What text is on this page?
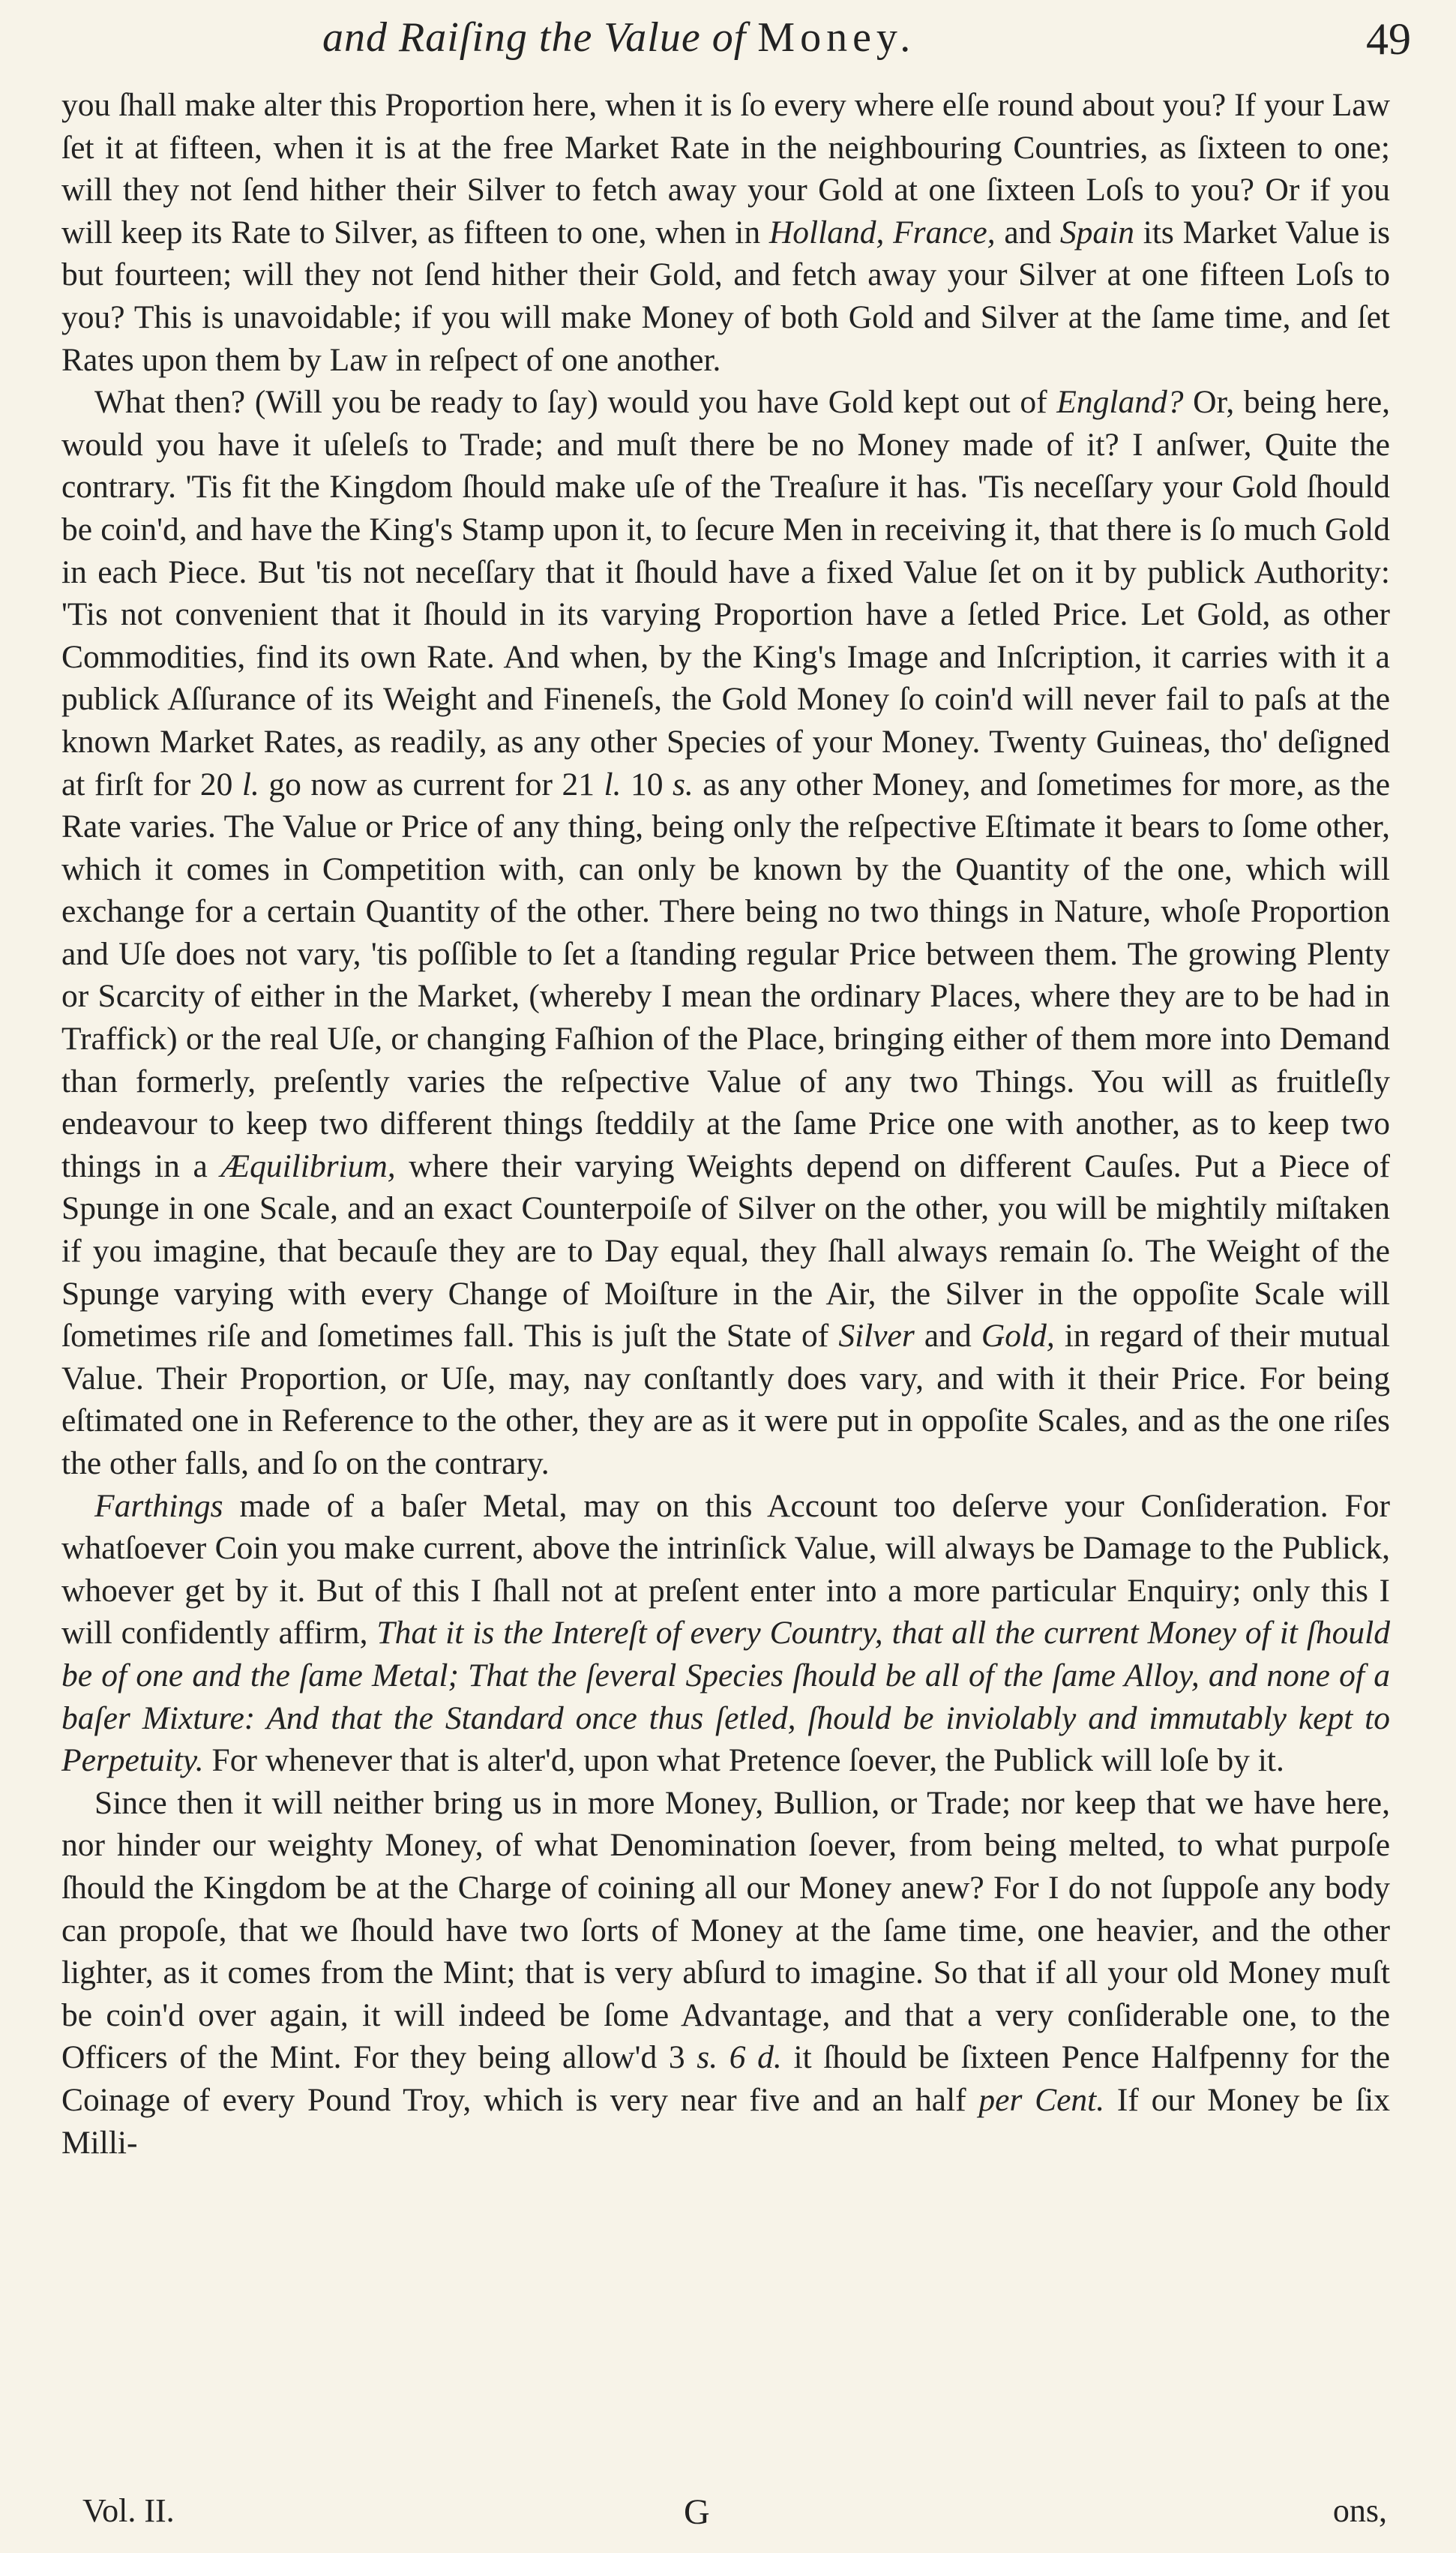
and Raiſing the Value of Money.	49

you ſhall make alter this Proportion here, when it is ſo every where elſe round about you? If your Law ſet it at fifteen, when it is at the free Market Rate in the neighbouring Countries, as ſixteen to one; will they not ſend hither their Silver to fetch away your Gold at one ſixteen Loſs to you? Or if you will keep its Rate to Silver, as fifteen to one, when in Holland, France, and Spain its Market Value is but fourteen; will they not ſend hither their Gold, and fetch away your Silver at one fifteen Loſs to you? This is unavoidable; if you will make Money of both Gold and Silver at the ſame time, and ſet Rates upon them by Law in reſpect of one another.

What then? (Will you be ready to ſay) would you have Gold kept out of England? Or, being here, would you have it uſeleſs to Trade; and muſt there be no Money made of it? I anſwer, Quite the contrary. 'Tis fit the Kingdom ſhould make uſe of the Treaſure it has. 'Tis neceſſary your Gold ſhould be coin'd, and have the King's Stamp upon it, to ſecure Men in receiving it, that there is ſo much Gold in each Piece. But 'tis not neceſſary that it ſhould have a fixed Value ſet on it by publick Authority: 'Tis not convenient that it ſhould in its varying Proportion have a ſetled Price. Let Gold, as other Commodities, find its own Rate. And when, by the King's Image and Inſcription, it carries with it a publick Aſſurance of its Weight and Fineneſs, the Gold Money ſo coin'd will never fail to paſs at the known Market Rates, as readily, as any other Species of your Money. Twenty Guineas, tho' deſigned at firſt for 20 l. go now as current for 21 l. 10 s. as any other Money, and ſometimes for more, as the Rate varies. The Value or Price of any thing, being only the reſpective Eſtimate it bears to ſome other, which it comes in Competition with, can only be known by the Quantity of the one, which will exchange for a certain Quantity of the other. There being no two things in Nature, whoſe Proportion and Uſe does not vary, 'tis poſſible to ſet a ſtanding regular Price between them. The growing Plenty or Scarcity of either in the Market, (whereby I mean the ordinary Places, where they are to be had in Traffick) or the real Uſe, or changing Faſhion of the Place, bringing either of them more into Demand than formerly, preſently varies the reſpective Value of any two Things. You will as fruitleſly endeavour to keep two different things ſteddily at the ſame Price one with another, as to keep two things in a Æquilibrium, where their varying Weights depend on different Cauſes. Put a Piece of Spunge in one Scale, and an exact Counterpoiſe of Silver on the other, you will be mightily miſtaken if you imagine, that becauſe they are to Day equal, they ſhall always remain ſo. The Weight of the Spunge varying with every Change of Moiſture in the Air, the Silver in the oppoſite Scale will ſometimes riſe and ſometimes fall. This is juſt the State of Silver and Gold, in regard of their mutual Value. Their Proportion, or Uſe, may, nay conſtantly does vary, and with it their Price. For being eſtimated one in Reference to the other, they are as it were put in oppoſite Scales, and as the one riſes the other falls, and ſo on the contrary.

Farthings made of a baſer Metal, may on this Account too deſerve your Conſideration. For whatſoever Coin you make current, above the intrinſick Value, will always be Damage to the Publick, whoever get by it. But of this I ſhall not at preſent enter into a more particular Enquiry; only this I will confidently affirm, That it is the Intereſt of every Country, that all the current Money of it ſhould be of one and the ſame Metal; That the ſeveral Species ſhould be all of the ſame Alloy, and none of a baſer Mixture: And that the Standard once thus ſetled, ſhould be inviolably and immutably kept to Perpetuity. For whenever that is alter'd, upon what Pretence ſoever, the Publick will loſe by it.

Since then it will neither bring us in more Money, Bullion, or Trade; nor keep that we have here, nor hinder our weighty Money, of what Denomination ſoever, from being melted, to what purpoſe ſhould the Kingdom be at the Charge of coining all our Money anew? For I do not ſuppoſe any body can propoſe, that we ſhould have two ſorts of Money at the ſame time, one heavier, and the other lighter, as it comes from the Mint; that is very abſurd to imagine. So that if all your old Money muſt be coin'd over again, it will indeed be ſome Advantage, and that a very conſiderable one, to the Officers of the Mint. For they being allow'd 3 s. 6 d. it ſhould be ſixteen Pence Halfpenny for the Coinage of every Pound Troy, which is very near five and an half per Cent. If our Money be ſix Milli-

Vol. II.	G	ons,
